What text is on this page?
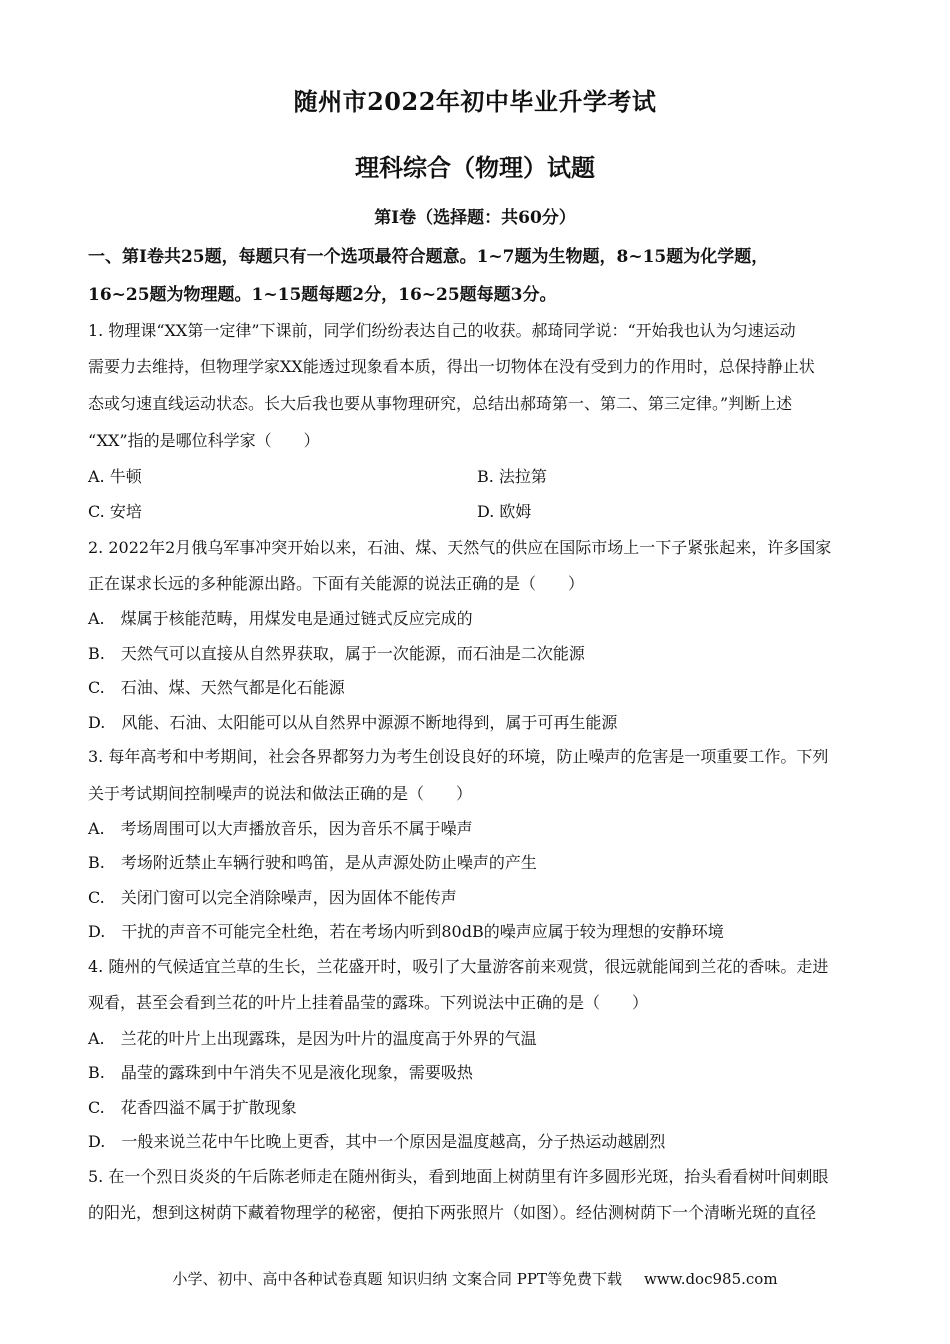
随州市2022年初中毕业升学考试
理科综合（物理）试题
第I卷（选择题：共60分）
一、第I卷共25题，每题只有一个选项最符合题意。1~7题为生物题，8~15题为化学题，
16~25题为物理题。1~15题每题2分，16~25题每题3分。
1. 物理课“XX第一定律”下课前，同学们纷纷表达自己的收获。郝琦同学说：“开始我也认为匀速运动
需要力去维持，但物理学家XX能透过现象看本质，得出一切物体在没有受到力的作用时，总保持静止状
态或匀速直线运动状态。长大后我也要从事物理研究，总结出郝琦第一、第二、第三定律。”判断上述
“XX”指的是哪位科学家（　　）
A. 牛顿	B. 法拉第
C. 安培	D. 欧姆
2. 2022年2月俄乌军事冲突开始以来，石油、煤、天然气的供应在国际市场上一下子紧张起来，许多国家
正在谋求长远的多种能源出路。下面有关能源的说法正确的是（　　）
A.　煤属于核能范畴，用煤发电是通过链式反应完成的
B.　天然气可以直接从自然界获取，属于一次能源，而石油是二次能源
C.　石油、煤、天然气都是化石能源
D.　风能、石油、太阳能可以从自然界中源源不断地得到，属于可再生能源
3. 每年高考和中考期间，社会各界都努力为考生创设良好的环境，防止噪声的危害是一项重要工作。下列
关于考试期间控制噪声的说法和做法正确的是（　　）
A.　考场周围可以大声播放音乐，因为音乐不属于噪声
B.　考场附近禁止车辆行驶和鸣笛，是从声源处防止噪声的产生
C.　关闭门窗可以完全消除噪声，因为固体不能传声
D.　干扰的声音不可能完全杜绝，若在考场内听到80dB的噪声应属于较为理想的安静环境
4. 随州的气候适宜兰草的生长，兰花盛开时，吸引了大量游客前来观赏，很远就能闻到兰花的香味。走进
观看，甚至会看到兰花的叶片上挂着晶莹的露珠。下列说法中正确的是（　　）
A.　兰花的叶片上出现露珠，是因为叶片的温度高于外界的气温
B.　晶莹的露珠到中午消失不见是液化现象，需要吸热
C.　花香四溢不属于扩散现象
D.　一般来说兰花中午比晚上更香，其中一个原因是温度越高，分子热运动越剧烈
5. 在一个烈日炎炎的午后陈老师走在随州街头，看到地面上树荫里有许多圆形光斑，抬头看看树叶间刺眼
的阳光，想到这树荫下藏着物理学的秘密，便拍下两张照片（如图）。经估测树荫下一个清晰光斑的直径
小学、初中、高中各种试卷真题 知识归纳 文案合同 PPT等免费下载 www.doc985.com
